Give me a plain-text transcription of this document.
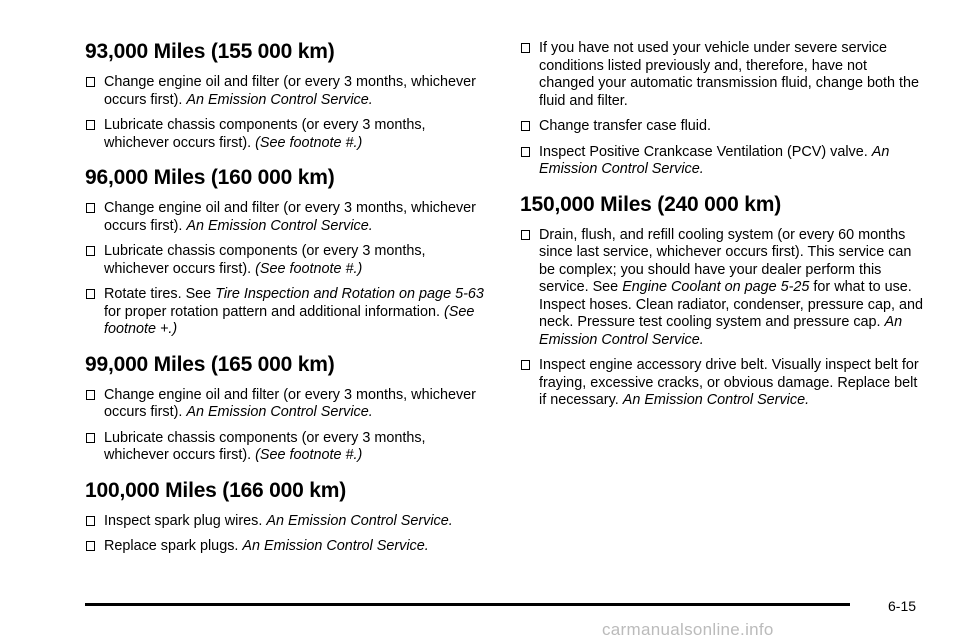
93,000 Miles (155 000 km)
Change engine oil and filter (or every 3 months, whichever occurs first). An Emission Control Service.
Lubricate chassis components (or every 3 months, whichever occurs first). (See footnote #.)
96,000 Miles (160 000 km)
Change engine oil and filter (or every 3 months, whichever occurs first). An Emission Control Service.
Lubricate chassis components (or every 3 months, whichever occurs first). (See footnote #.)
Rotate tires. See Tire Inspection and Rotation on page 5-63 for proper rotation pattern and additional information. (See footnote +.)
99,000 Miles (165 000 km)
Change engine oil and filter (or every 3 months, whichever occurs first). An Emission Control Service.
Lubricate chassis components (or every 3 months, whichever occurs first). (See footnote #.)
100,000 Miles (166 000 km)
Inspect spark plug wires. An Emission Control Service.
Replace spark plugs. An Emission Control Service.
If you have not used your vehicle under severe service conditions listed previously and, therefore, have not changed your automatic transmission fluid, change both the fluid and filter.
Change transfer case fluid.
Inspect Positive Crankcase Ventilation (PCV) valve. An Emission Control Service.
150,000 Miles (240 000 km)
Drain, flush, and refill cooling system (or every 60 months since last service, whichever occurs first). This service can be complex; you should have your dealer perform this service. See Engine Coolant on page 5-25 for what to use. Inspect hoses. Clean radiator, condenser, pressure cap, and neck. Pressure test cooling system and pressure cap. An Emission Control Service.
Inspect engine accessory drive belt. Visually inspect belt for fraying, excessive cracks, or obvious damage. Replace belt if necessary. An Emission Control Service.
6-15
carmanualsonline.info
